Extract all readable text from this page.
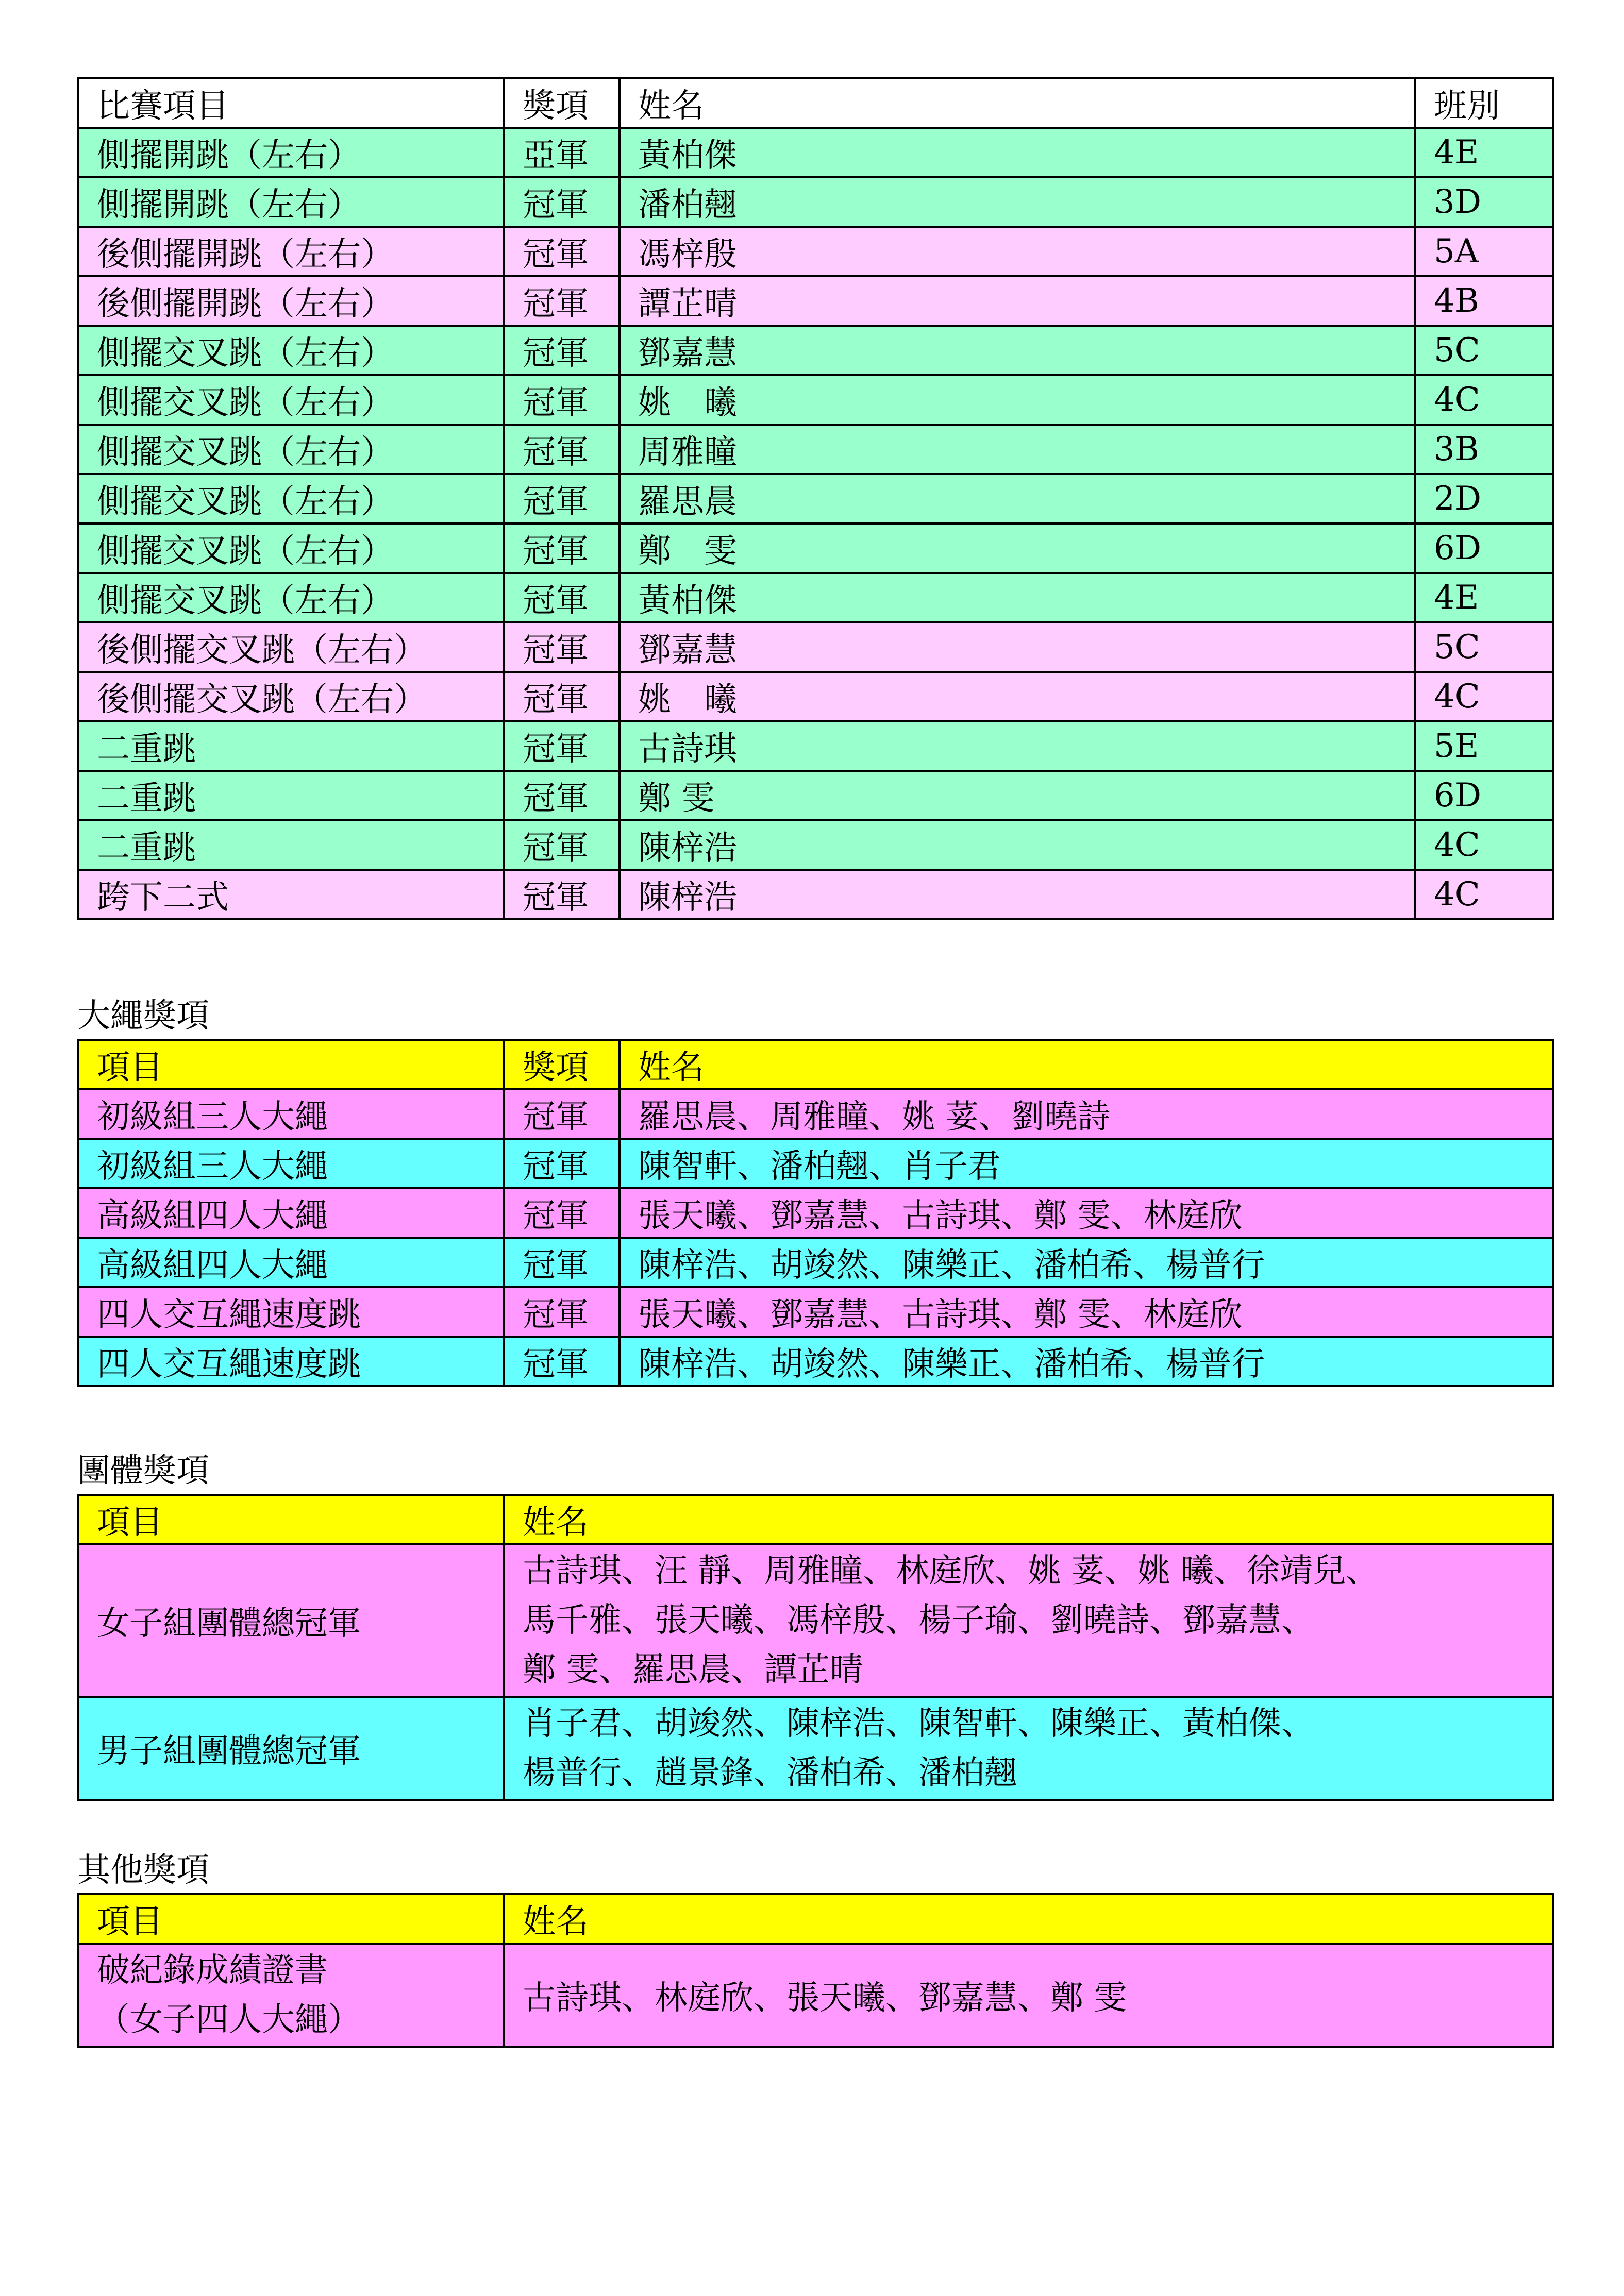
比賽項目	獎項	姓名	班別
側擺開跳（左右）	亞軍	黃柏傑	4E
側擺開跳（左右）	冠軍	潘柏翹	3D
後側擺開跳（左右）	冠軍	馮梓殷	5A
後側擺開跳（左右）	冠軍	譚芷晴	4B
側擺交叉跳（左右）	冠軍	鄧嘉慧	5C
側擺交叉跳（左右）	冠軍	姚　曦	4C
側擺交叉跳（左右）	冠軍	周雅瞳	3B
側擺交叉跳（左右）	冠軍	羅思晨	2D
側擺交叉跳（左右）	冠軍	鄭　雯	6D
側擺交叉跳（左右）	冠軍	黃柏傑	4E
後側擺交叉跳（左右）	冠軍	鄧嘉慧	5C
後側擺交叉跳（左右）	冠軍	姚　曦	4C
二重跳	冠軍	古詩琪	5E
二重跳	冠軍	鄭 雯	6D
二重跳	冠軍	陳梓浩	4C
跨下二式	冠軍	陳梓浩	4C
大繩獎項
項目	獎項	姓名
初級組三人大繩	冠軍	羅思晨、周雅瞳、姚 荽、劉曉詩
初級組三人大繩	冠軍	陳智軒、潘柏翹、肖子君
高級組四人大繩	冠軍	張天曦、鄧嘉慧、古詩琪、鄭 雯、林庭欣
高級組四人大繩	冠軍	陳梓浩、胡竣然、陳樂正、潘柏希、楊普行
四人交互繩速度跳	冠軍	張天曦、鄧嘉慧、古詩琪、鄭 雯、林庭欣
四人交互繩速度跳	冠軍	陳梓浩、胡竣然、陳樂正、潘柏希、楊普行
團體獎項
項目	姓名
女子組團體總冠軍	古詩琪、汪 靜、周雅瞳、林庭欣、姚 荽、姚 曦、徐靖兒、
馬千雅、張天曦、馮梓殷、楊子瑜、劉曉詩、鄧嘉慧、
鄭 雯、羅思晨、譚芷晴

男子組團體總冠軍	肖子君、胡竣然、陳梓浩、陳智軒、陳樂正、黃柏傑、
楊普行、趙景鋒、潘柏希、潘柏翹
其他獎項
項目	姓名

破紀錄成績證書
（女子四人大繩）	古詩琪、林庭欣、張天曦、鄧嘉慧、鄭 雯
